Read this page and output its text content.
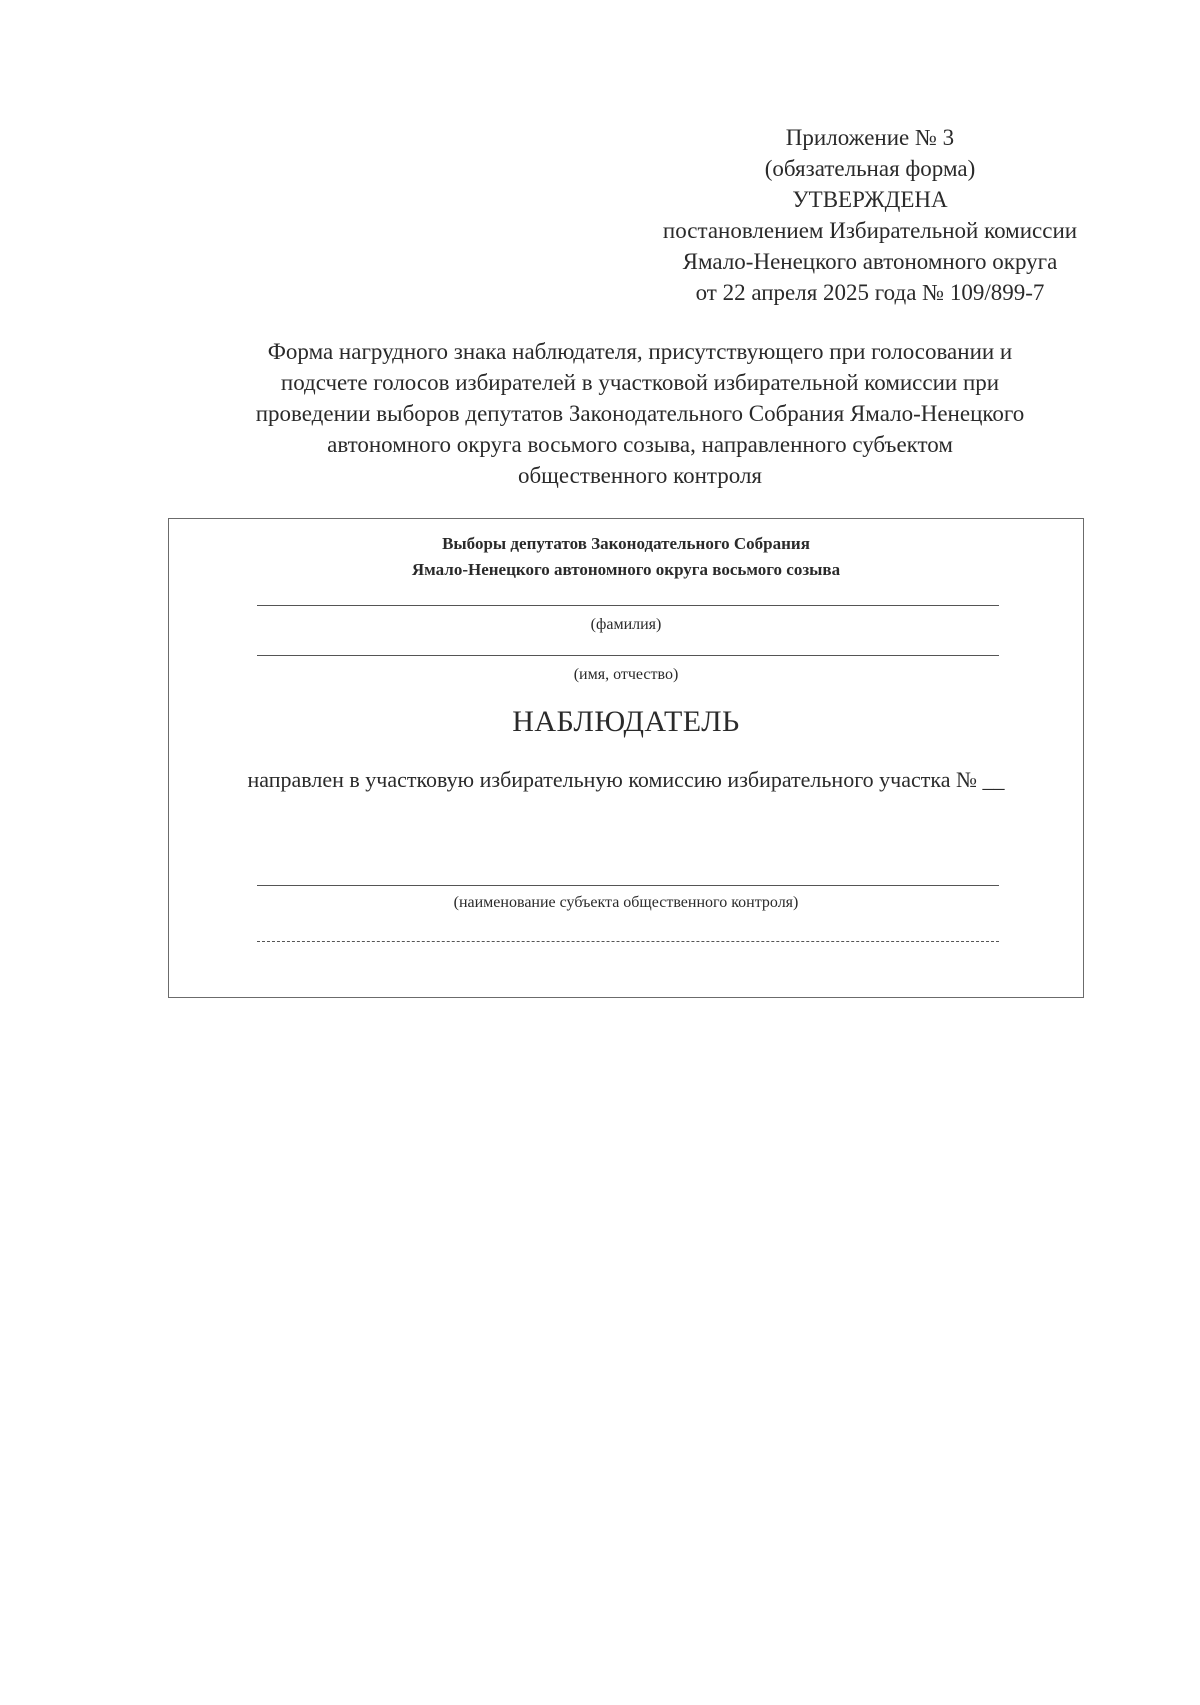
Приложение № 3
(обязательная форма)
УТВЕРЖДЕНА
постановлением Избирательной комиссии
Ямало-Ненецкого автономного округа
от 22 апреля 2025 года № 109/899-7
Форма нагрудного знака наблюдателя, присутствующего при голосовании и
подсчете голосов избирателей в участковой избирательной комиссии при
проведении выборов депутатов Законодательного Собрания Ямало-Ненецкого
автономного округа восьмого созыва, направленного субъектом
общественного контроля
Выборы депутатов Законодательного Собрания
Ямало-Ненецкого автономного округа восьмого созыва
(фамилия)
(имя, отчество)
НАБЛЮДАТЕЛЬ
направлен в участковую избирательную комиссию избирательного участка № __
(наименование субъекта общественного контроля)
